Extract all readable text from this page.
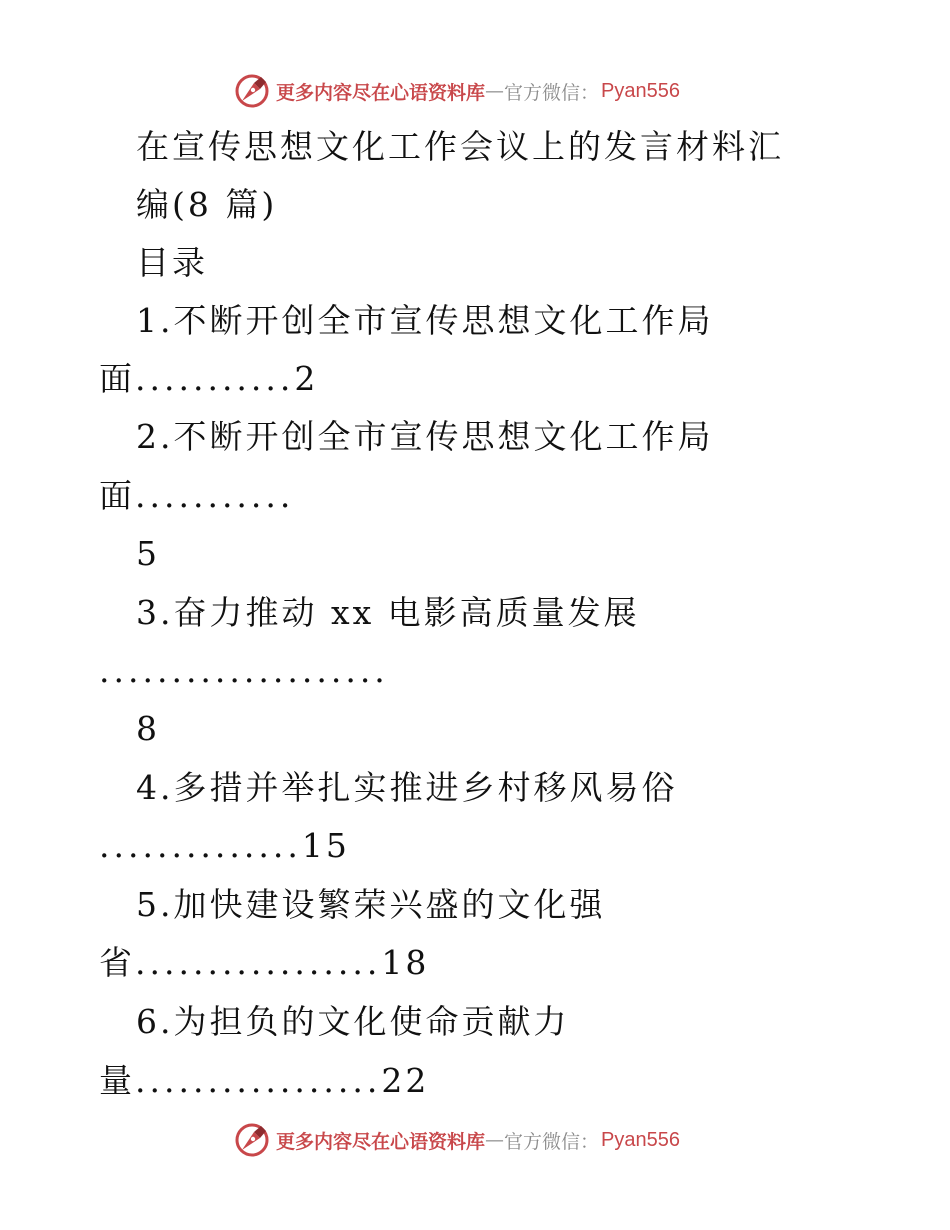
更多内容尽在心语资料库 — 官方微信： Pyan556
在宣传思想文化工作会议上的发言材料汇
编(8 篇)
目录
1.不断开创全市宣传思想文化工作局
面...........2
2.不断开创全市宣传思想文化工作局
面...........
5
3.奋力推动 xx 电影高质量发展
....................
8
4.多措并举扎实推进乡村移风易俗
..............15
5.加快建设繁荣兴盛的文化强
省.................18
6.为担负的文化使命贡献力
量.................22
更多内容尽在心语资料库 — 官方微信： Pyan556
